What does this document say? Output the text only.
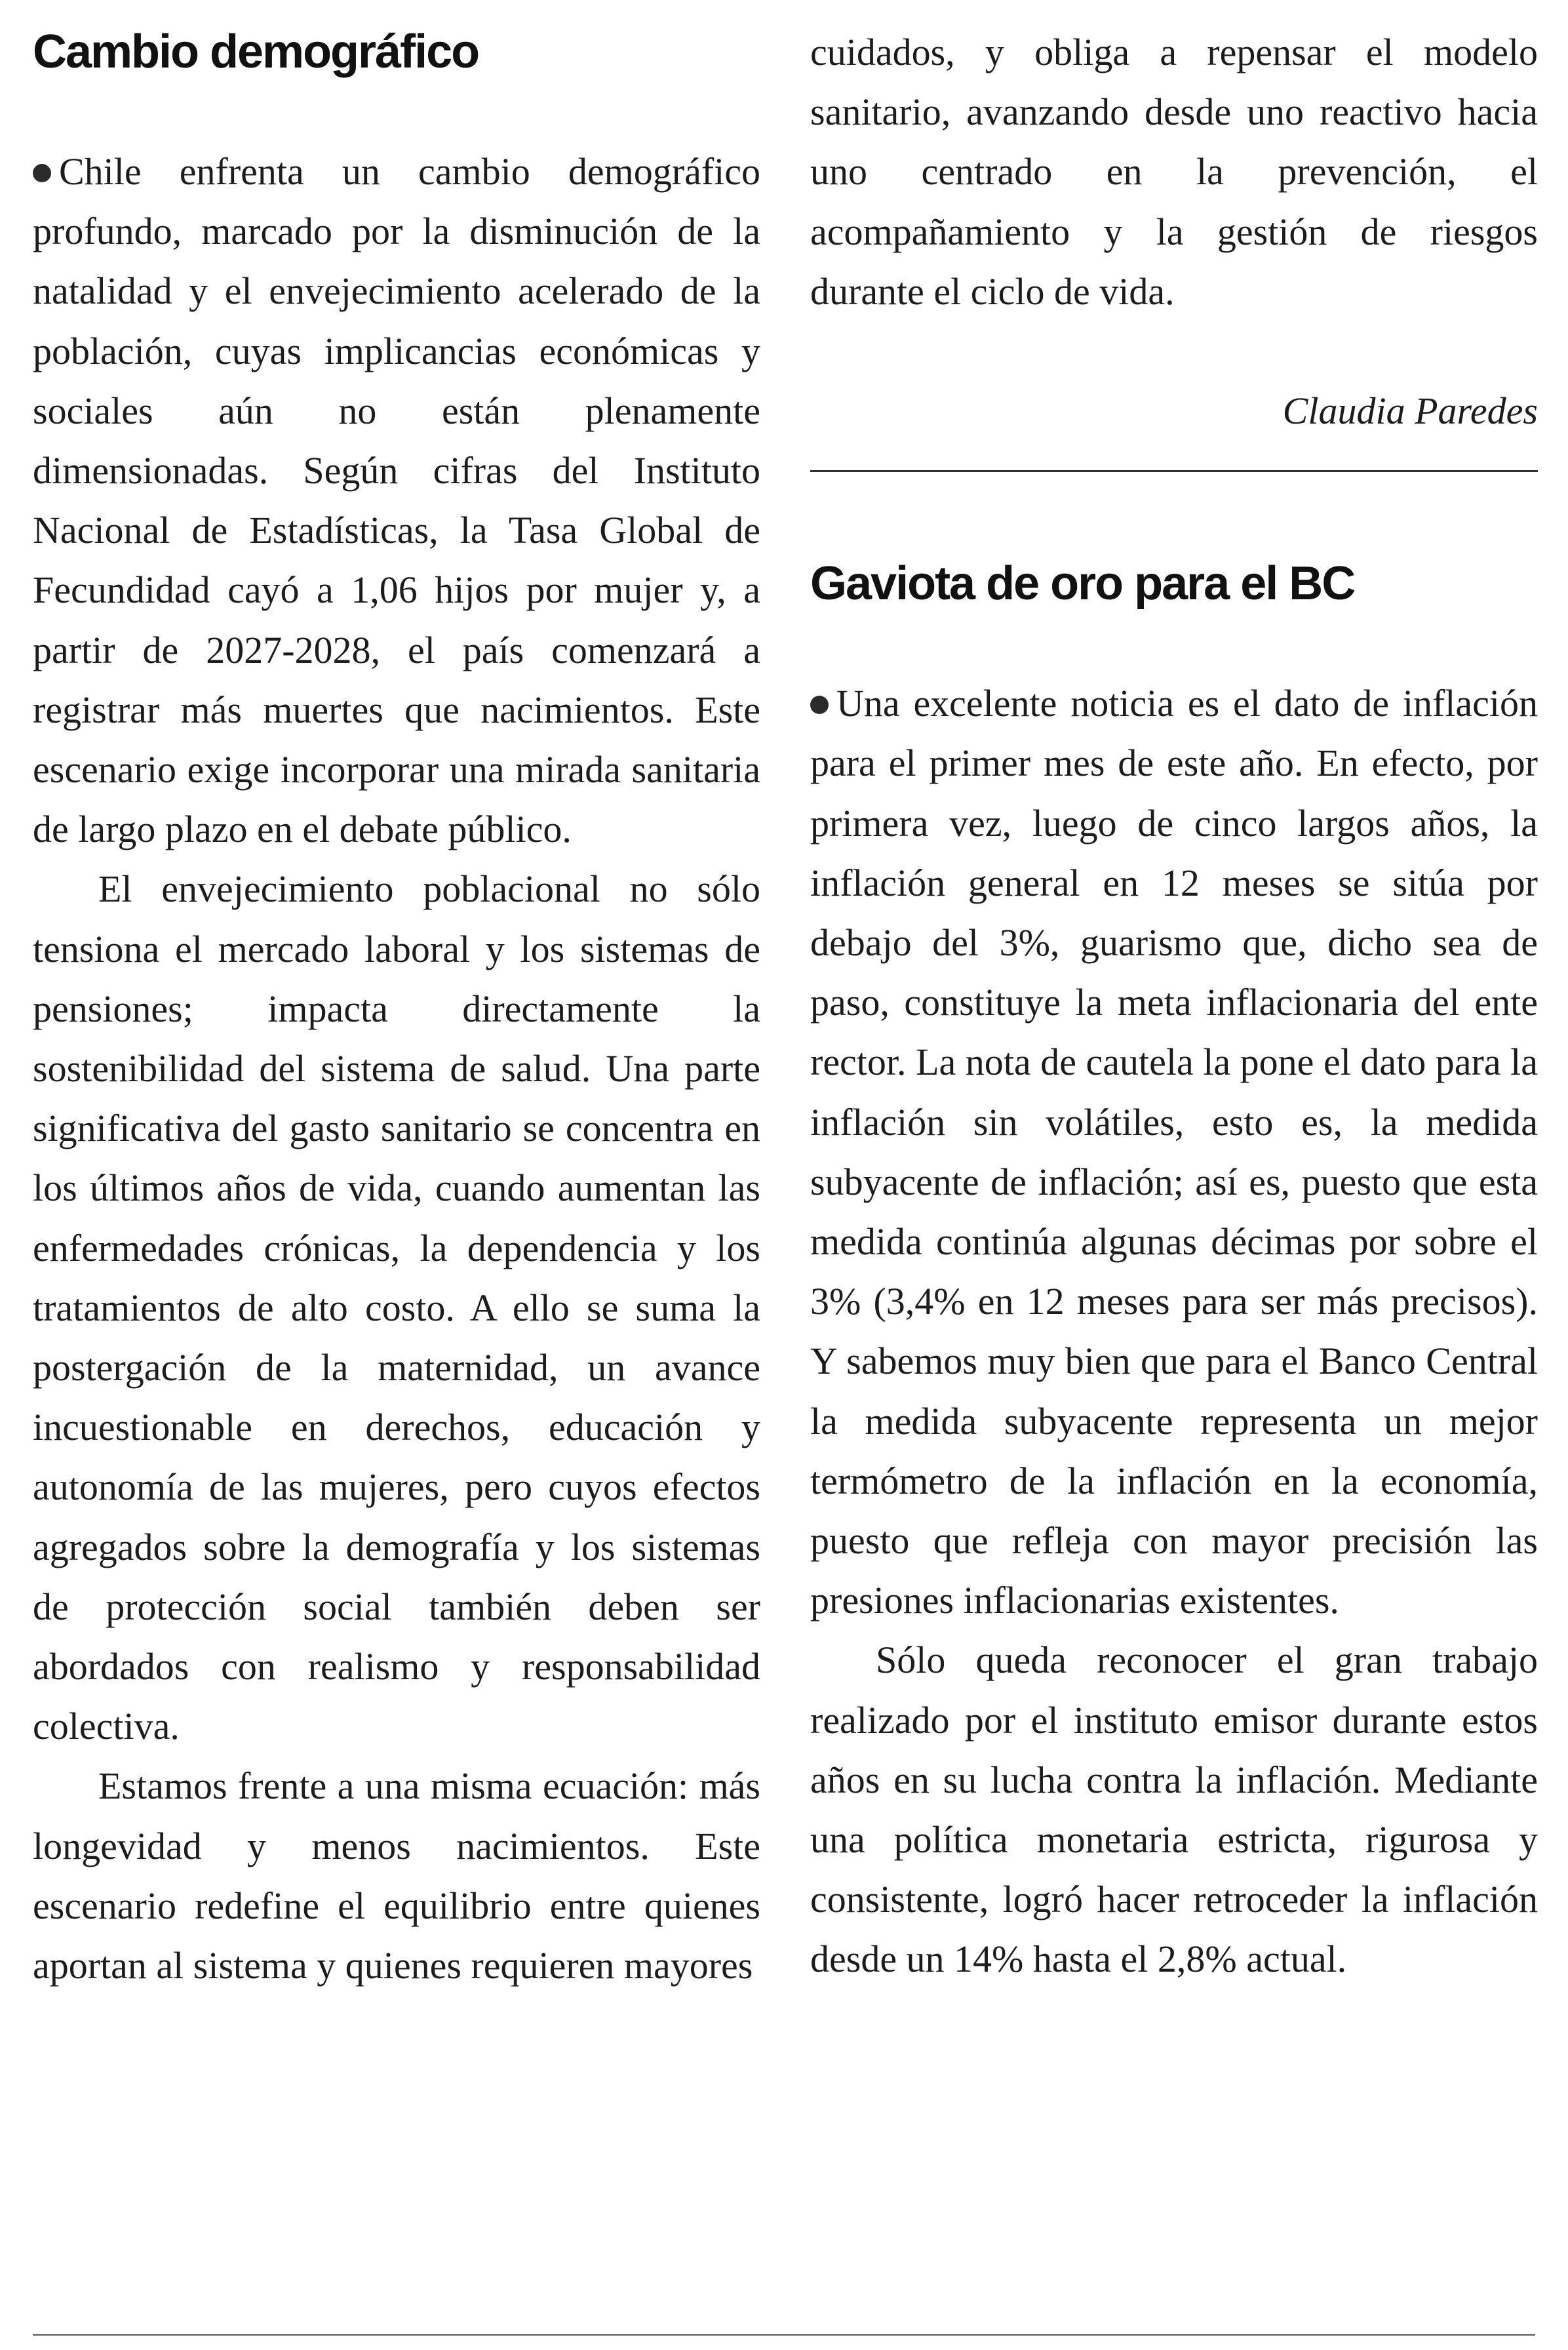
Cambio demográfico

Chile enfrenta un cambio demográfico profundo, marcado por la disminución de la natalidad y el envejecimiento acelerado de la población, cuyas implicancias económicas y sociales aún no están plenamente dimensionadas. Según cifras del Instituto Nacional de Estadísticas, la Tasa Global de Fecundidad cayó a 1,06 hijos por mujer y, a partir de 2027-2028, el país comenzará a registrar más muertes que nacimientos. Este escenario exige incorporar una mirada sanitaria de largo plazo en el debate público.

El envejecimiento poblacional no sólo tensiona el mercado laboral y los sistemas de pensiones; impacta directamente la sostenibilidad del sistema de salud. Una parte significativa del gasto sanitario se concentra en los últimos años de vida, cuando aumentan las enfermedades crónicas, la dependencia y los tratamientos de alto costo. A ello se suma la postergación de la maternidad, un avance incuestionable en derechos, educación y autonomía de las mujeres, pero cuyos efectos agregados sobre la demografía y los sistemas de protección social también deben ser abordados con realismo y responsabilidad colectiva.

Estamos frente a una misma ecuación: más longevidad y menos nacimientos. Este escenario redefine el equilibrio entre quienes aportan al sistema y quienes requieren mayores

cuidados, y obliga a repensar el modelo sanitario, avanzando desde uno reactivo hacia uno centrado en la prevención, el acompañamiento y la gestión de riesgos durante el ciclo de vida.

Claudia Paredes

Gaviota de oro para el BC

Una excelente noticia es el dato de inflación para el primer mes de este año. En efecto, por primera vez, luego de cinco largos años, la inflación general en 12 meses se sitúa por debajo del 3%, guarismo que, dicho sea de paso, constituye la meta inflacionaria del ente rector. La nota de cautela la pone el dato para la inflación sin volátiles, esto es, la medida subyacente de inflación; así es, puesto que esta medida continúa algunas décimas por sobre el 3% (3,4% en 12 meses para ser más precisos). Y sabemos muy bien que para el Banco Central la medida subyacente representa un mejor termómetro de la inflación en la economía, puesto que refleja con mayor precisión las presiones inflacionarias existentes.

Sólo queda reconocer el gran trabajo realizado por el instituto emisor durante estos años en su lucha contra la inflación. Mediante una política monetaria estricta, rigurosa y consistente, logró hacer retroceder la inflación desde un 14% hasta el 2,8% actual.
